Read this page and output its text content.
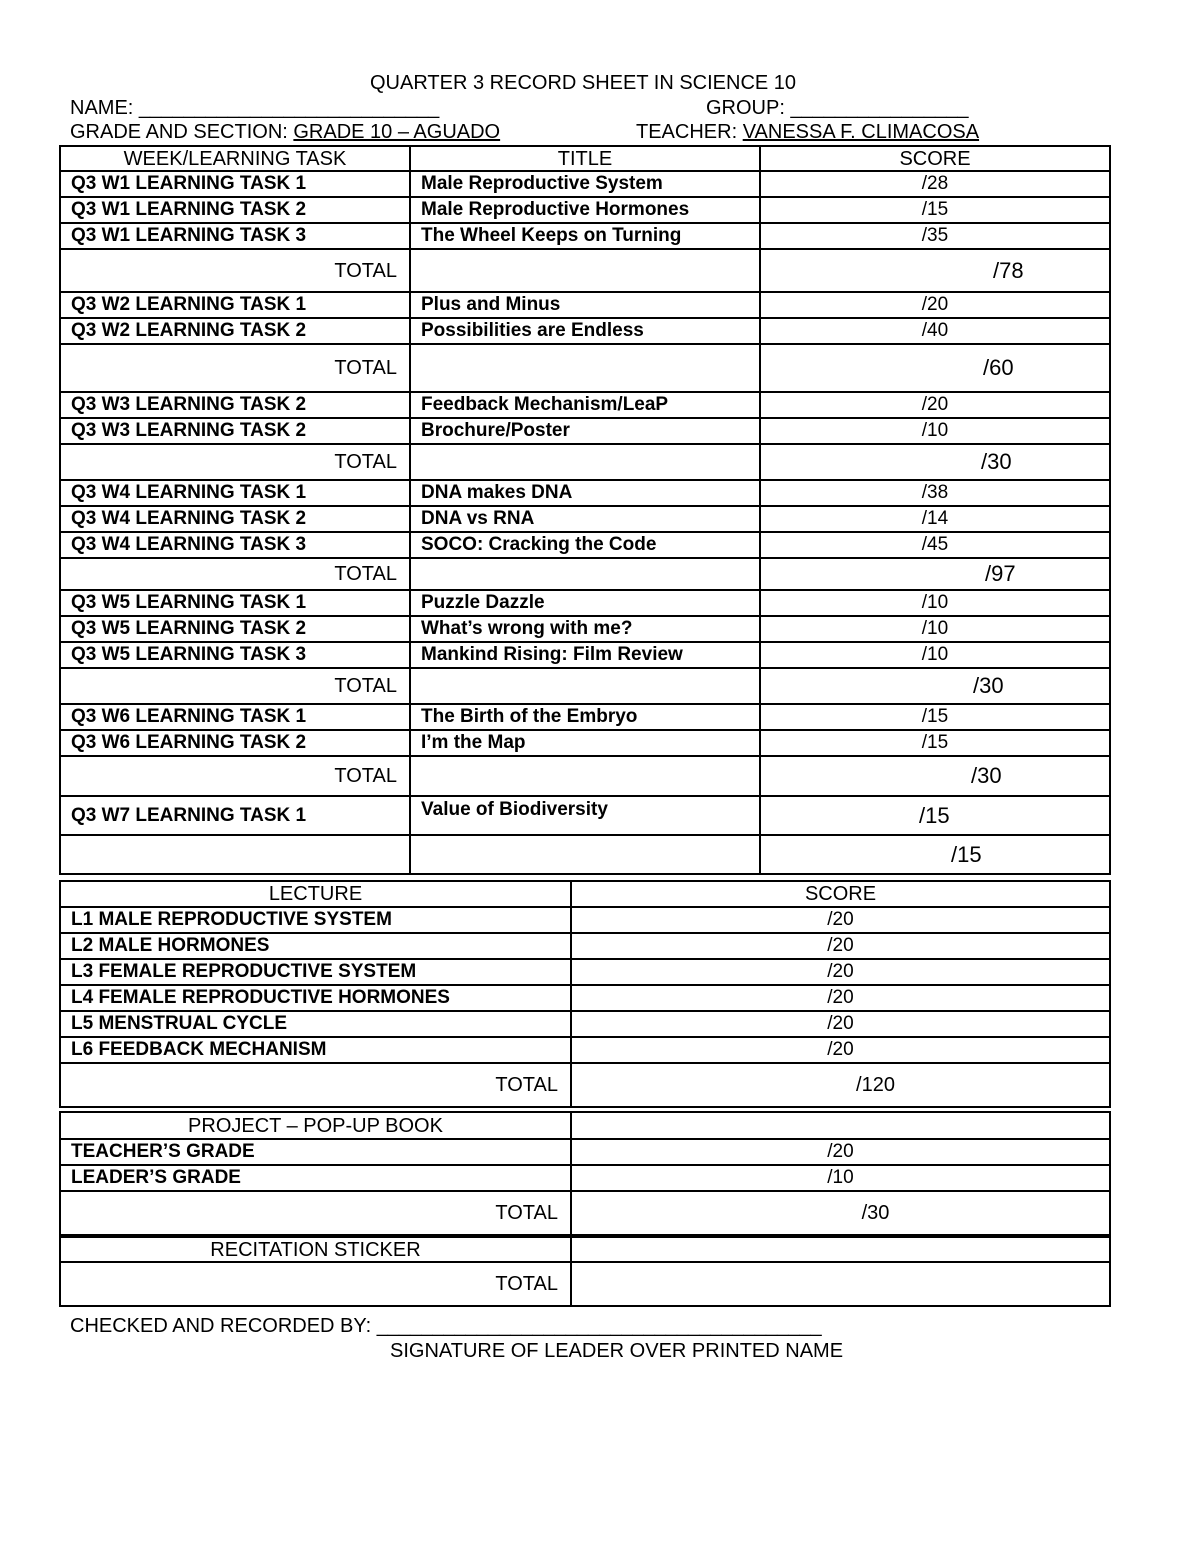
QUARTER 3 RECORD SHEET IN SCIENCE 10
NAME: ___________________________	GROUP: ________________
GRADE AND SECTION: GRADE 10 – AGUADO	TEACHER: VANESSA F. CLIMACOSA
WEEK/LEARNING TASK	TITLE	SCORE
Q3 W1 LEARNING TASK 1	Male Reproductive System	/28
Q3 W1 LEARNING TASK 2	Male Reproductive Hormones	/15
Q3 W1 LEARNING TASK 3	The Wheel Keeps on Turning	/35
TOTAL		/78
Q3 W2 LEARNING TASK 1	Plus and Minus	/20
Q3 W2 LEARNING TASK 2	Possibilities are Endless	/40
TOTAL		/60
Q3 W3 LEARNING TASK 2	Feedback Mechanism/LeaP	/20
Q3 W3 LEARNING TASK 2	Brochure/Poster	/10
TOTAL		/30
Q3 W4 LEARNING TASK 1	DNA makes DNA	/38
Q3 W4 LEARNING TASK 2	DNA vs RNA	/14
Q3 W4 LEARNING TASK 3	SOCO: Cracking the Code	/45
TOTAL		/97
Q3 W5 LEARNING TASK 1	Puzzle Dazzle	/10
Q3 W5 LEARNING TASK 2	What’s wrong with me?	/10
Q3 W5 LEARNING TASK 3	Mankind Rising: Film Review	/10
TOTAL		/30
Q3 W6 LEARNING TASK 1	The Birth of the Embryo	/15
Q3 W6 LEARNING TASK 2	I’m the Map	/15
TOTAL		/30
Q3 W7 LEARNING TASK 1	Value of Biodiversity	/15
		/15
LECTURE	SCORE
L1 MALE REPRODUCTIVE SYSTEM	/20
L2 MALE HORMONES	/20
L3 FEMALE REPRODUCTIVE SYSTEM	/20
L4 FEMALE REPRODUCTIVE HORMONES	/20
L5 MENSTRUAL CYCLE	/20
L6 FEEDBACK MECHANISM	/20
TOTAL	/120
PROJECT – POP-UP BOOK	
TEACHER’S GRADE	/20
LEADER’S GRADE	/10
TOTAL	/30
RECITATION STICKER	
TOTAL	
CHECKED AND RECORDED BY: ________________________________________
SIGNATURE OF LEADER OVER PRINTED NAME
